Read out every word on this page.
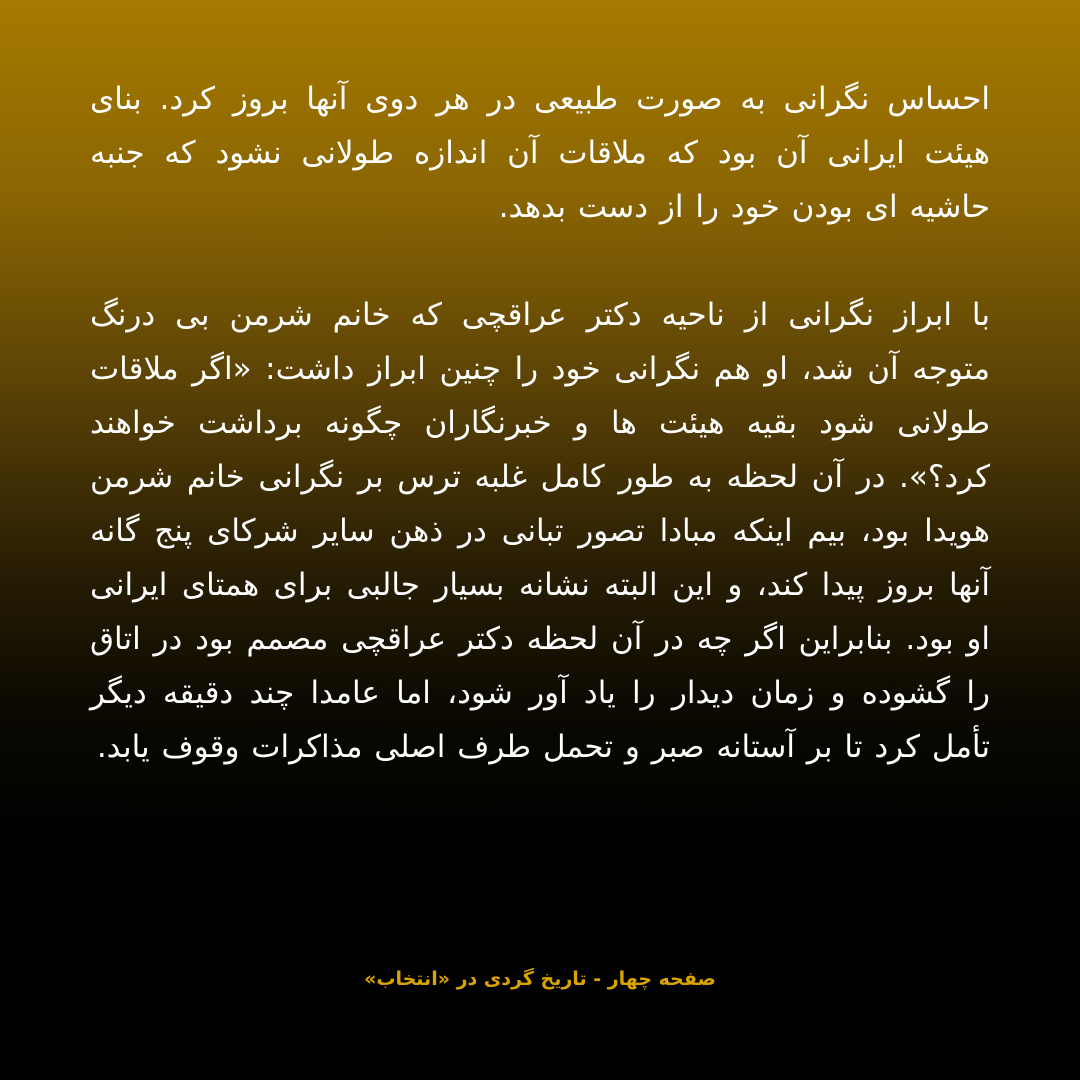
احساس نگرانی به صورت طبیعی در هر دوی آنها بروز کرد. بنای هیئت ایرانی آن بود که ملاقات آن اندازه طولانی نشود که جنبه حاشیه ای بودن خود را از دست بدهد.

با ابراز نگرانی از ناحیه دکتر عراقچی که خانم شرمن بی درنگ متوجه آن شد، او هم نگرانی خود را چنین ابراز داشت: «اگر ملاقات طولانی شود بقیه هیئت ها و خبرنگاران چگونه برداشت خواهند کرد؟». در آن لحظه به طور کامل غلبه ترس بر نگرانی خانم شرمن هویدا بود، بیم اینکه مبادا تصور تبانی در ذهن سایر شرکای پنج گانه آنها بروز پیدا کند، و این البته نشانه بسیار جالبی برای همتای ایرانی او بود. بنابراین اگر چه در آن لحظه دکتر عراقچی مصمم بود در اتاق را گشوده و زمان دیدار را یاد آور شود، اما عامدا چند دقیقه دیگر تأمل کرد تا بر آستانه صبر و تحمل طرف اصلی مذاکرات وقوف یابد.

صفحه چهار - تاریخ گردی در «انتخاب»
